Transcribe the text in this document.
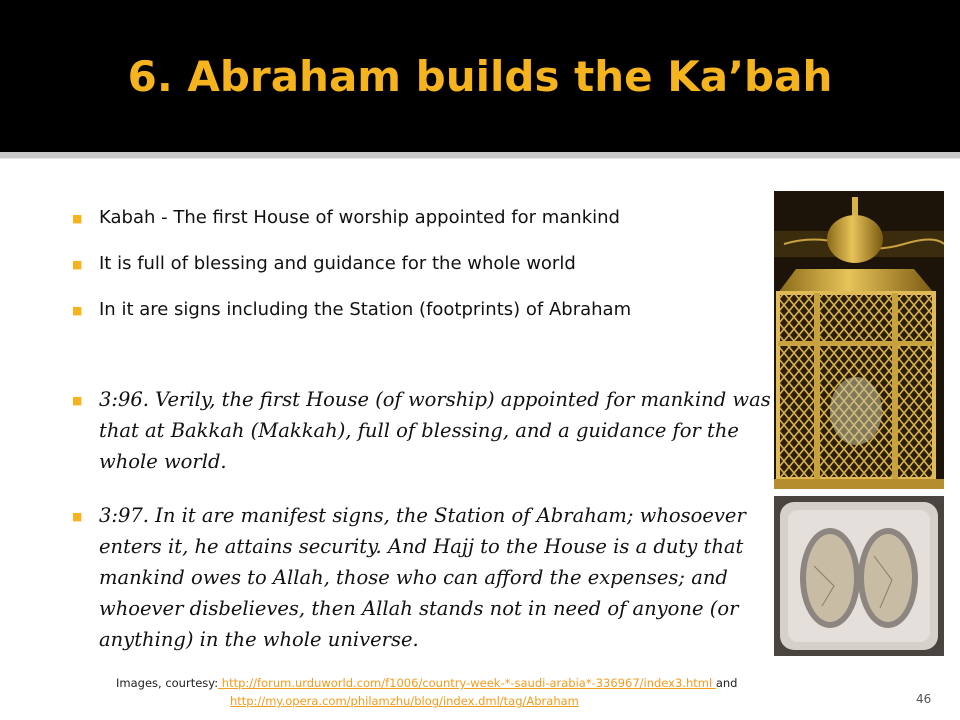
6. Abraham builds the Ka’bah
■ Kabah - The first House of worship appointed for mankind
■ It is full of blessing and guidance for the whole world
■ In it are signs including the Station (footprints) of Abraham
■ 3:96. Verily, the first House (of worship) appointed for mankind was that at Bakkah (Makkah), full of blessing, and a guidance for the whole world.
■ 3:97. In it are manifest signs, the Station of Abraham; whosoever enters it, he attains security. And Hajj to the House is a duty that mankind owes to Allah, those who can afford the expenses; and whoever disbelieves, then Allah stands not in need of anyone (or anything) in the whole universe.
Images, courtesy: http://forum.urduworld.com/f1006/country-week-*-saudi-arabia*-336967/index3.html and
http://my.opera.com/philamzhu/blog/index.dml/tag/Abraham	46
